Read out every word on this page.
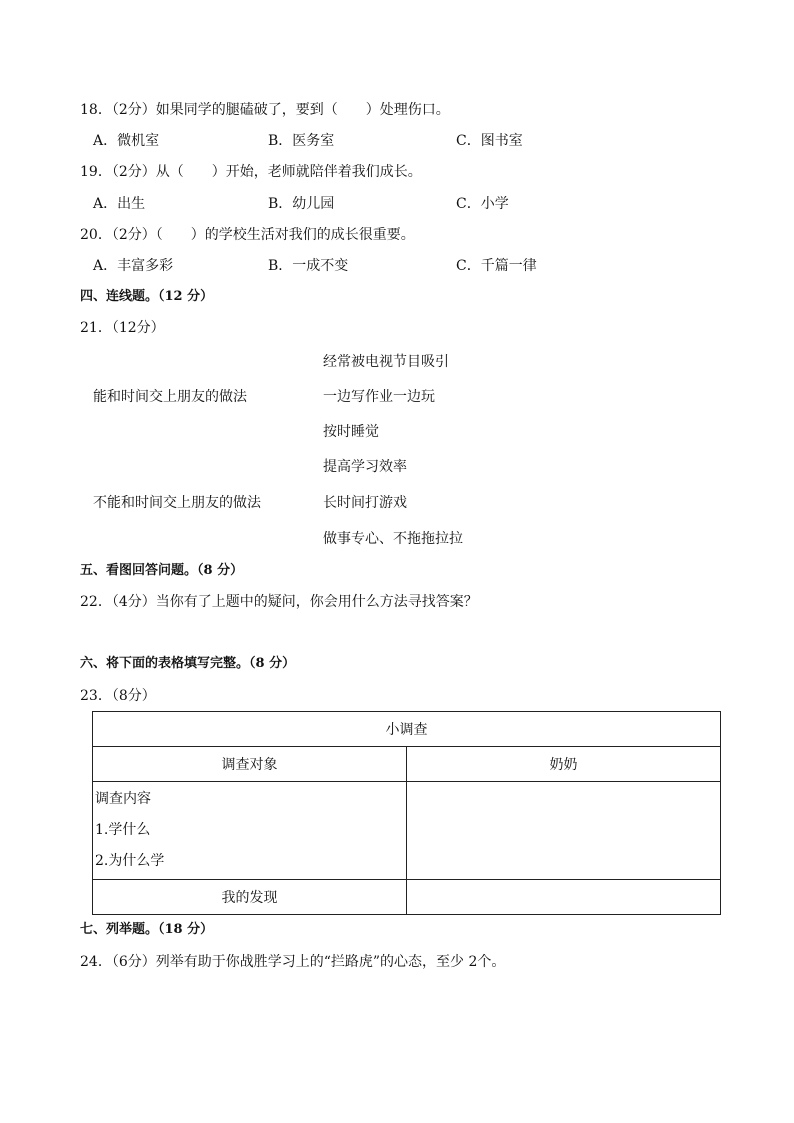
18．（2分）如果同学的腿磕破了，要到（　　）处理伤口。
A．微机室	B．医务室	C．图书室
19．（2分）从（　　）开始，老师就陪伴着我们成长。
A．出生	B．幼儿园	C．小学
20．（2分）（　　）的学校生活对我们的成长很重要。
A．丰富多彩	B．一成不变	C．千篇一律
四、连线题。（12 分）
21．（12分）
能和时间交上朋友的做法
不能和时间交上朋友的做法
经常被电视节目吸引
一边写作业一边玩
按时睡觉
提高学习效率
长时间打游戏
做事专心、不拖拖拉拉
五、看图回答问题。（8 分）
22．（4分）当你有了上题中的疑问，你会用什么方法寻找答案？
六、将下面的表格填写完整。（8 分）
23．（8分）
小调查	
调查对象	奶奶

调查内容
1.学什么
2.为什么学	

我的发现	
七、列举题。（18 分）
24．（6分）列举有助于你战胜学习上的“拦路虎”的心态，至少 2个。
